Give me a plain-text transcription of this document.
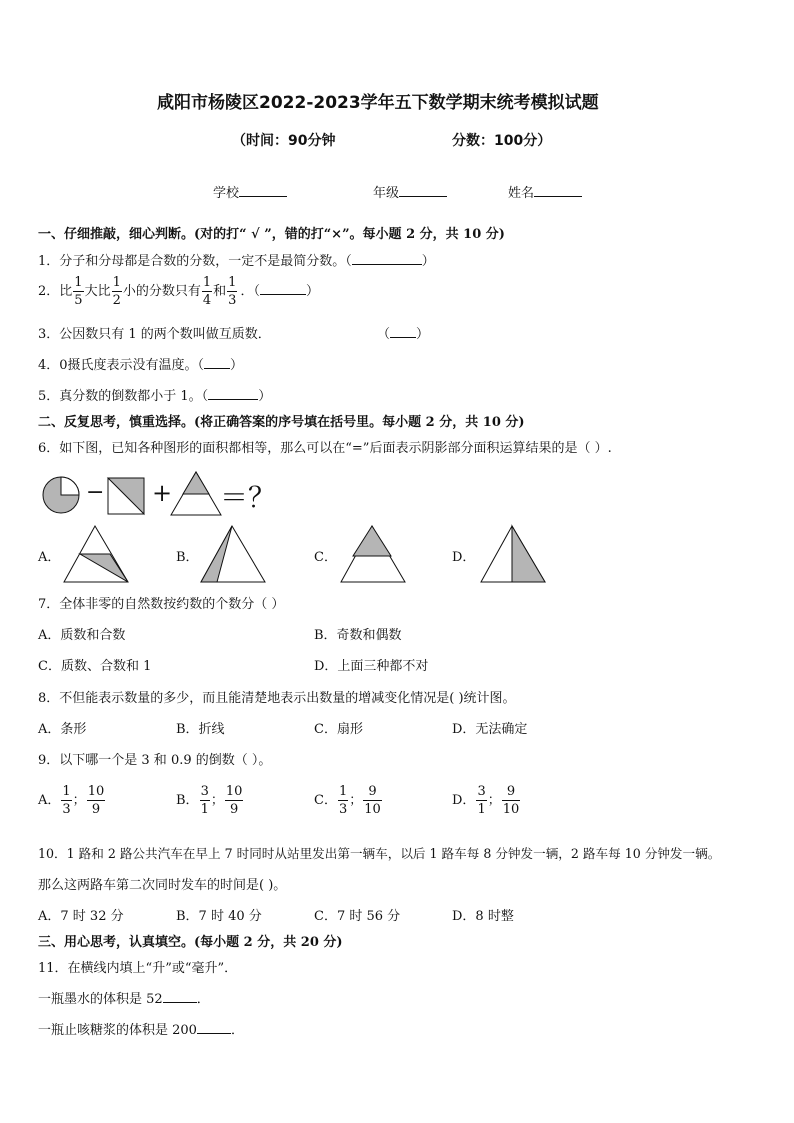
咸阳市杨陵区2022-2023学年五下数学期末统考模拟试题
（时间：90分钟	分数：100分）
学校	年级	姓名
一、仔细推敲，细心判断。(对的打“ √ ”，错的打“×”。每小题 2 分，共 10 分)
1．分子和分母都是合数的分数，一定不是最简分数。（	）
2．比 $\frac{1}{5}$ 大比 $\frac{1}{2}$ 小的分数只有 $\frac{1}{4}$ 和 $\frac{1}{3}$ ．（	）
3．公因数只有 1 的两个数叫做互质数．	（ ）
4．0摄氏度表示没有温度。（ ）
5．真分数的倒数都小于 1。（	）
二、反复思考，慎重选择。(将正确答案的序号填在括号里。每小题 2 分，共 10 分)
6．如下图，已知各种图形的面积都相等，那么可以在“=”后面表示阴影部分面积运算结果的是（ ）.
− + ＝？
A．	B．	C．	D．
7．全体非零的自然数按约数的个数分（ ）
A．质数和合数	B．奇数和偶数
C．质数、合数和 1	D．上面三种都不对
8．不但能表示数量的多少，而且能清楚地表示出数量的增减变化情况是( )统计图。
A．条形	B．折线	C．扇形	D．无法确定
9．以下哪一个是 3 和 0.9 的倒数（ ）。
A． $\frac{1}{3}$ ； $\frac{10}{9}$	B． $\frac{3}{1}$ ； $\frac{10}{9}$	C． $\frac{1}{3}$ ； $\frac{9}{10}$	D． $\frac{3}{1}$ ； $\frac{9}{10}$
10．1 路和 2 路公共汽车在早上 7 时同时从站里发出第一辆车，以后 1 路车每 8 分钟发一辆，2 路车每 10 分钟发一辆。
那么这两路车第二次同时发车的时间是( )。
A．7 时 32 分	B．7 时 40 分	C．7 时 56 分	D．8 时整
三、用心思考，认真填空。(每小题 2 分，共 20 分)
11．在横线内填上“升”或“毫升”．
一瓶墨水的体积是 52	．
一瓶止咳糖浆的体积是 200	．
